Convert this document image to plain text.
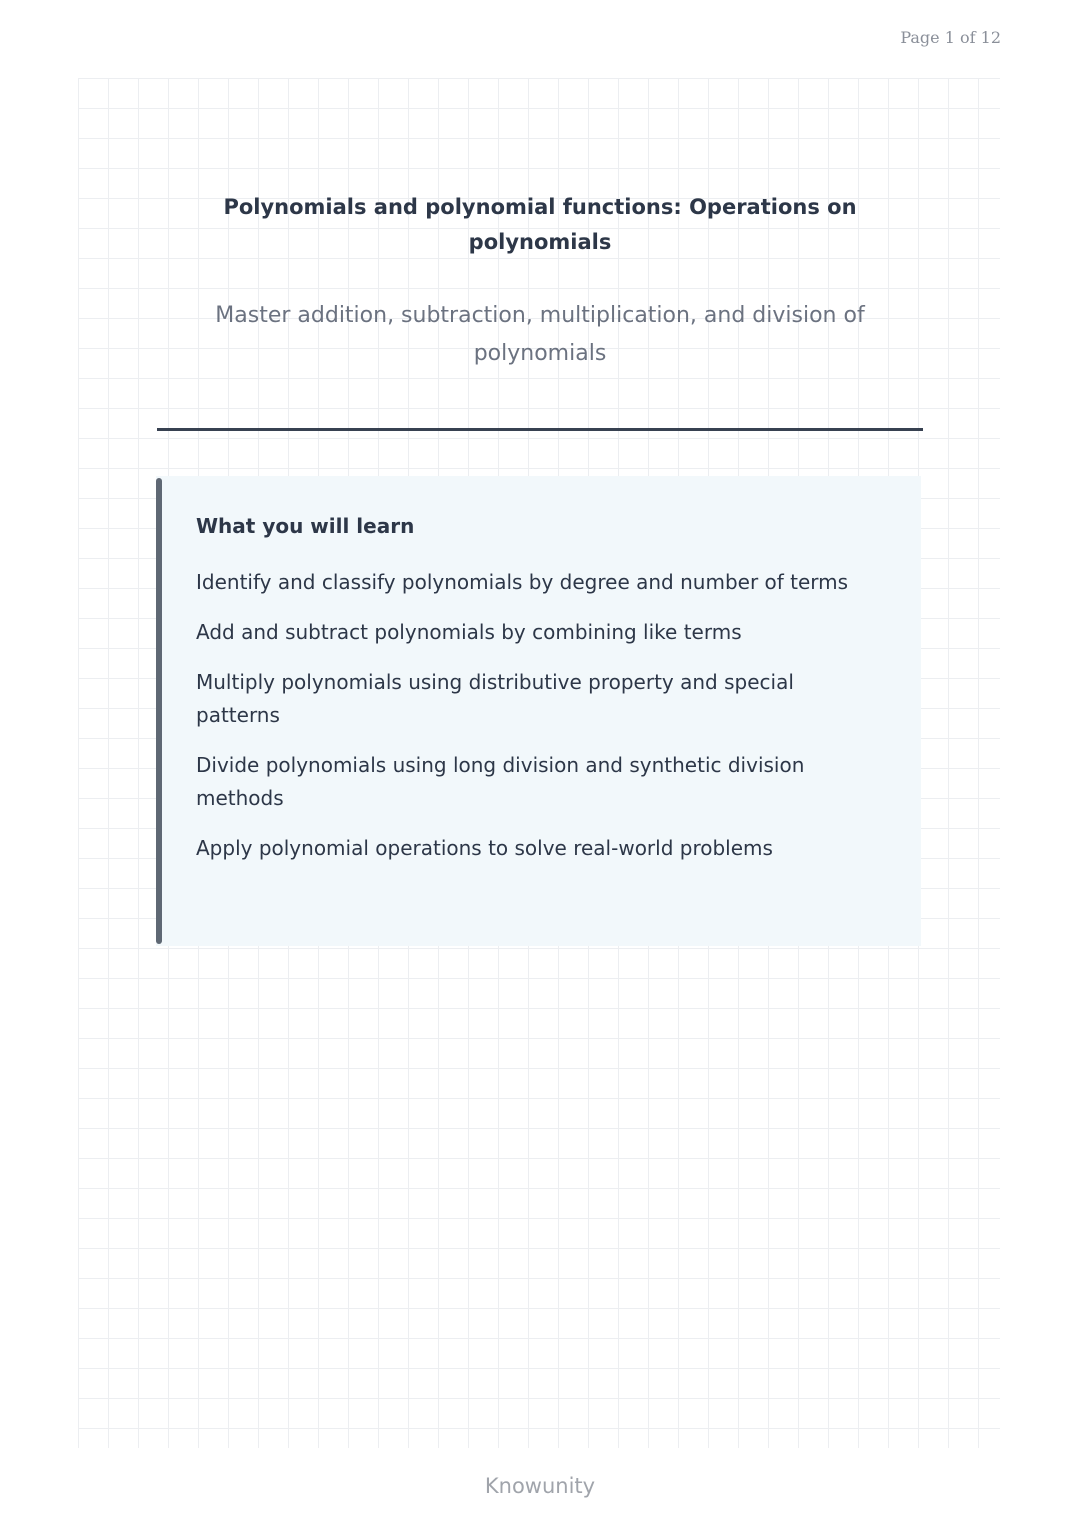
Page 1 of 12
Polynomials and polynomial functions: Operations on polynomials

Master addition, subtraction, multiplication, and division of polynomials

What you will learn
Identify and classify polynomials by degree and number of terms
Add and subtract polynomials by combining like terms
Multiply polynomials using distributive property and special patterns
Divide polynomials using long division and synthetic division methods
Apply polynomial operations to solve real-world problems
Knowunity
